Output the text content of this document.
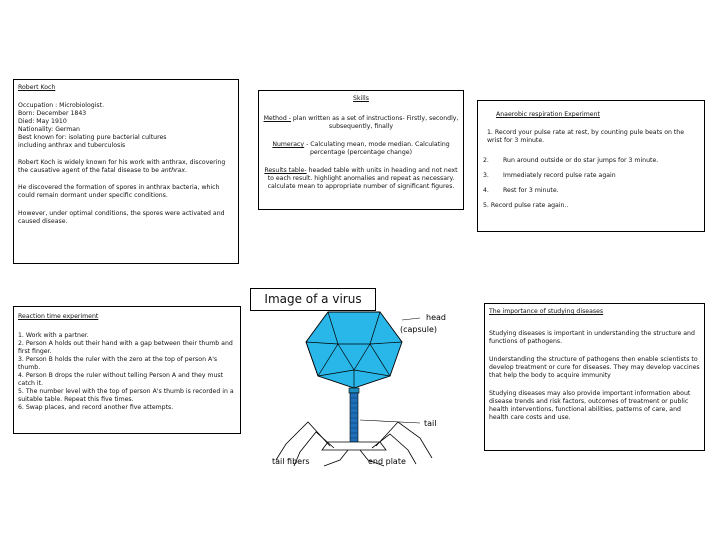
Robert Koch

Occupation : Microbiologist.

Born: December 1843

Died: May 1910

Nationality: German

Best known for: isolating pure bacterial cultures

including anthrax and tuberculosis

Robert Koch is widely known for his work with anthrax, discovering the causative agent of the fatal disease to be anthrax.

He discovered the formation of spores in anthrax bacteria, which could remain dormant under specific conditions.

However, under optimal conditions, the spores were activated and caused disease.

Skills

Method - plan written as a set of instructions- Firstly, secondly, subsequently, finally

Numeracy - Calculating mean, mode median. Calculating percentage (percentage change)

Results table- headed table with units in heading and not next to each result. highlight anomalies and repeat as necessary. calculate mean to appropriate number of significant figures.

Anaerobic respiration Experiment

1. Record your pulse rate at rest, by counting pule beats on the wrist for 3 minute.

2.	Run around outside or do star jumps for 3 minute.
3.	Immediately record pulse rate again
4.	Rest for 3 minute.

5. Record pulse rate again..

Reaction time experiment

1. Work with a partner.

2. Person A holds out their hand with a gap between their thumb and first finger.

3. Person B holds the ruler with the zero at the top of person A's thumb.

4. Person B drops the ruler without telling Person A and they must catch it.

5. The number level with the top of person A's thumb is recorded in a suitable table. Repeat this five times.

6. Swap places, and record another five attempts.

Image of a virus
head
(capsule)
tail
tail fibers	end plate

The importance of studying diseases

Studying diseases is important in understanding the structure and functions of pathogens.

Understanding the structure of pathogens then enable scientists to develop treatment or cure for diseases. They may develop vaccines that help the body to acquire immunity

Studying diseases may also provide important information about disease trends and risk factors, outcomes of treatment or public health interventions, functional abilities, patterns of care, and health care costs and use.
